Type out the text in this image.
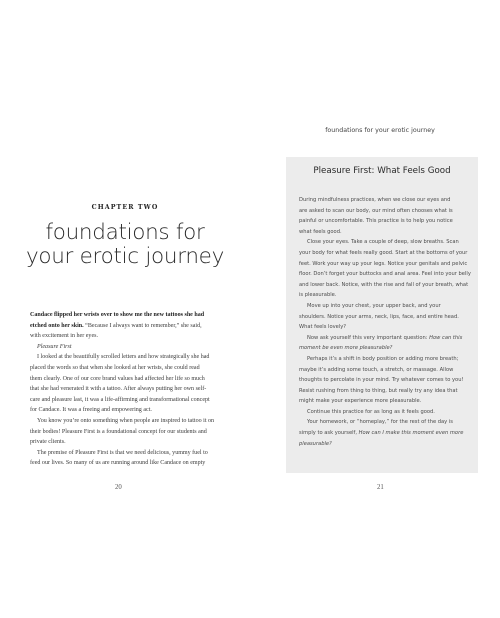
CHAPTER TWO
foundations for
your erotic journey

Candace flipped her wrists over to show me the new tattoos she had

etched onto her skin. “Because I always want to remember,” she said,

with excitement in her eyes.

Pleasure First

I looked at the beautifully scrolled letters and how strategically she had

placed the words so that when she looked at her wrists, she could read

them clearly. One of our core brand values had affected her life so much

that she had venerated it with a tattoo. After always putting her own self-

care and pleasure last, it was a life-affirming and transformational concept

for Candace. It was a freeing and empowering act.

You know you’re onto something when people are inspired to tattoo it on

their bodies! Pleasure First is a foundational concept for our students and

private clients.

The premise of Pleasure First is that we need delicious, yummy fuel to

feed our lives. So many of us are running around like Candace on empty

20
foundations for your erotic journey
Pleasure First: What Feels Good

During mindfulness practices, when we close our eyes and

are asked to scan our body, our mind often chooses what is

painful or uncomfortable. This practice is to help you notice

what feels good.

Close your eyes. Take a couple of deep, slow breaths. Scan

your body for what feels really good. Start at the bottoms of your

feet. Work your way up your legs. Notice your genitals and pelvic

floor. Don’t forget your buttocks and anal area. Feel into your belly

and lower back. Notice, with the rise and fall of your breath, what

is pleasurable.

Move up into your chest, your upper back, and your

shoulders. Notice your arms, neck, lips, face, and entire head.

What feels lovely?

Now ask yourself this very important question: How can this

moment be even more pleasurable?

Perhaps it’s a shift in body position or adding more breath;

maybe it’s adding some touch, a stretch, or massage. Allow

thoughts to percolate in your mind. Try whatever comes to you!

Resist rushing from thing to thing, but really try any idea that

might make your experience more pleasurable.

Continue this practice for as long as it feels good.

Your homework, or “homeplay,” for the rest of the day is

simply to ask yourself, How can I make this moment even more

pleasurable?

21
